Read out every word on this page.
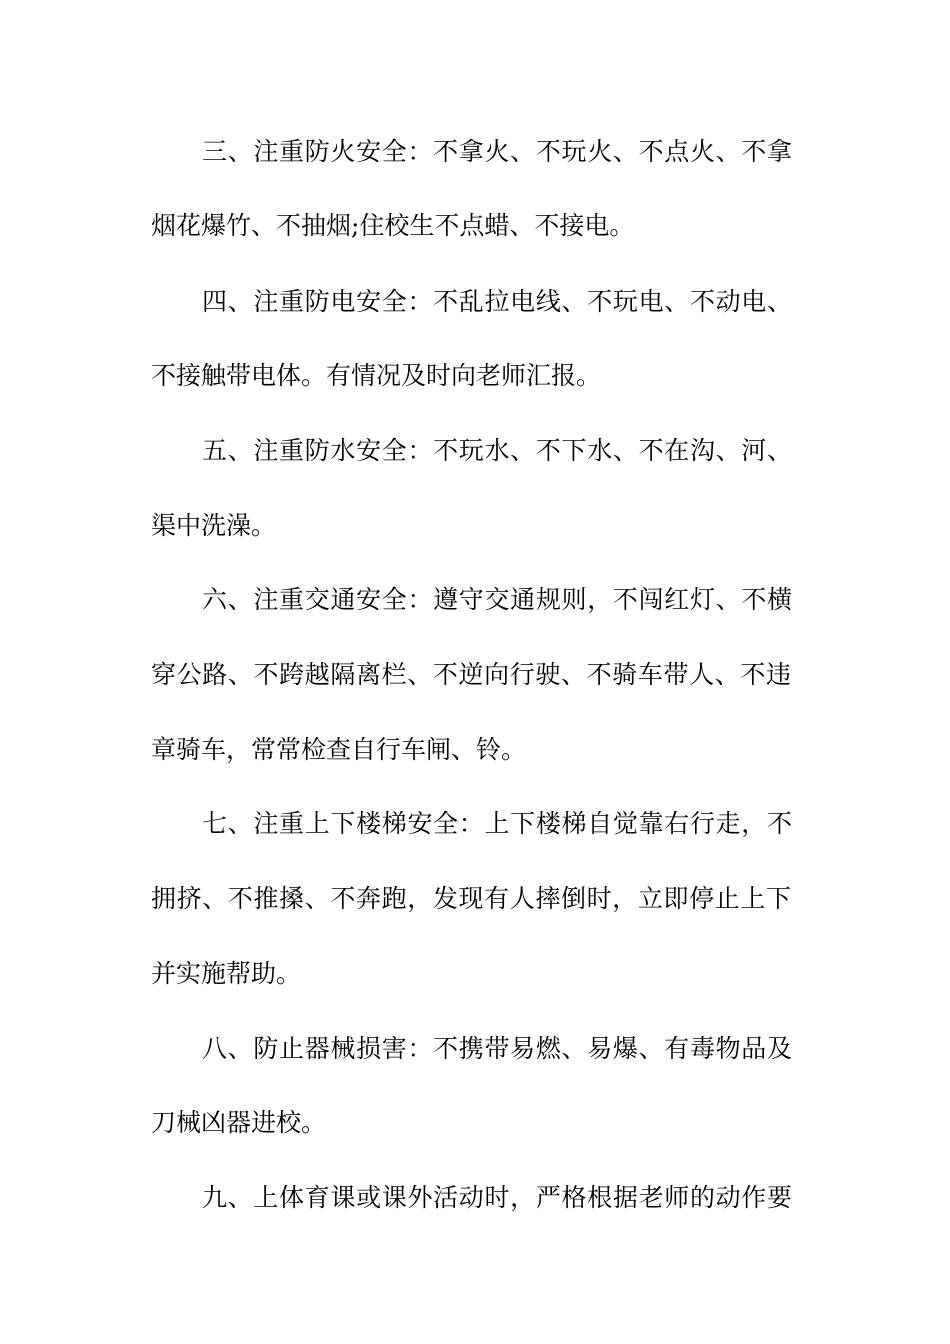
三、注重防火安全：不拿火、不玩火、不点火、不拿
烟花爆竹、不抽烟;住校生不点蜡、不接电。
四、注重防电安全：不乱拉电线、不玩电、不动电、
不接触带电体。有情况及时向老师汇报。
五、注重防水安全：不玩水、不下水、不在沟、河、
渠中洗澡。
六、注重交通安全：遵守交通规则，不闯红灯、不横
穿公路、不跨越隔离栏、不逆向行驶、不骑车带人、不违
章骑车，常常检查自行车闸、铃。
七、注重上下楼梯安全：上下楼梯自觉靠右行走，不
拥挤、不推搡、不奔跑，发现有人摔倒时，立即停止上下
并实施帮助。
八、防止器械损害：不携带易燃、易爆、有毒物品及
刀械凶器进校。
九、上体育课或课外活动时，严格根据老师的动作要
